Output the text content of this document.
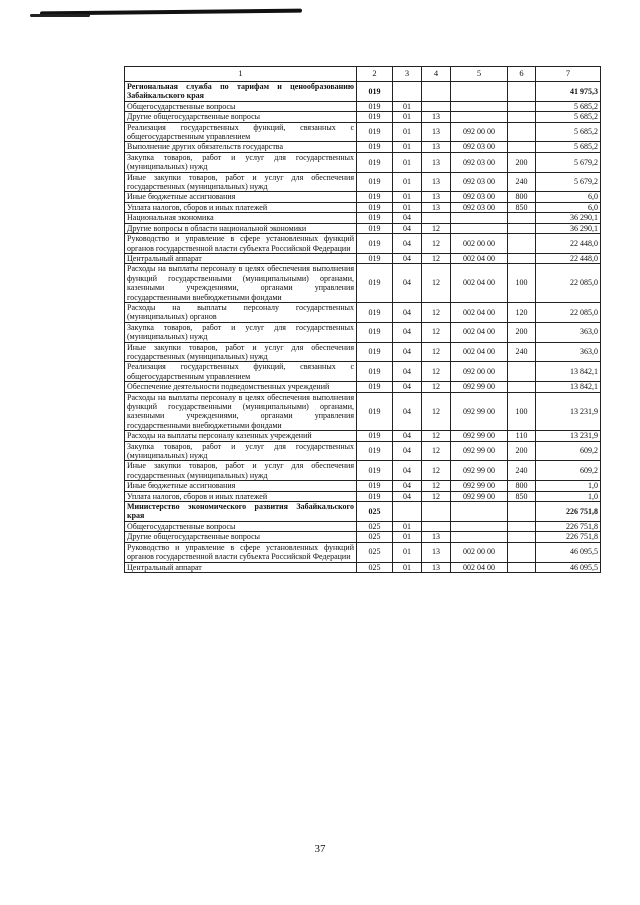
1	2	3	4	5	6	7
Региональная служба по тарифам и ценообразованию Забайкальского края	019					41 975,3
Общегосударственные вопросы	019	01				5 685,2
Другие общегосударственные вопросы	019	01	13			5 685,2
Реализация государственных функций, связанных с общегосударственным управлением	019	01	13	092 00 00		5 685,2
Выполнение других обязательств государства	019	01	13	092 03 00		5 685,2
Закупка товаров, работ и услуг для государственных (муниципальных) нужд	019	01	13	092 03 00	200	5 679,2
Иные закупки товаров, работ и услуг для обеспечения государственных (муниципальных) нужд	019	01	13	092 03 00	240	5 679,2
Иные бюджетные ассигнования	019	01	13	092 03 00	800	6,0
Уплата налогов, сборов и иных платежей	019	01	13	092 03 00	850	6,0
Национальная экономика	019	04				36 290,1
Другие вопросы в области национальной экономики	019	04	12			36 290,1
Руководство и управление в сфере установленных функций органов государственной власти субъекта Российской Федерации	019	04	12	002 00 00		22 448,0
Центральный аппарат	019	04	12	002 04 00		22 448,0
Расходы на выплаты персоналу в целях обеспечения выполнения функций государственными (муниципальными) органами, казенными учреждениями, органами управления государственными внебюджетными фондами	019	04	12	002 04 00	100	22 085,0
Расходы на выплаты персоналу государственных (муниципальных) органов	019	04	12	002 04 00	120	22 085,0
Закупка товаров, работ и услуг для государственных (муниципальных) нужд	019	04	12	002 04 00	200	363,0
Иные закупки товаров, работ и услуг для обеспечения государственных (муниципальных) нужд	019	04	12	002 04 00	240	363,0
Реализация государственных функций, связанных с общегосударственным управлением	019	04	12	092 00 00		13 842,1
Обеспечение деятельности подведомственных учреждений	019	04	12	092 99 00		13 842,1
Расходы на выплаты персоналу в целях обеспечения выполнения функций государственными (муниципальными) органами, казенными учреждениями, органами управления государственными внебюджетными фондами	019	04	12	092 99 00	100	13 231,9
Расходы на выплаты персоналу казенных учреждений	019	04	12	092 99 00	110	13 231,9
Закупка товаров, работ и услуг для государственных (муниципальных) нужд	019	04	12	092 99 00	200	609,2
Иные закупки товаров, работ и услуг для обеспечения государственных (муниципальных) нужд	019	04	12	092 99 00	240	609,2
Иные бюджетные ассигнования	019	04	12	092 99 00	800	1,0
Уплата налогов, сборов и иных платежей	019	04	12	092 99 00	850	1,0
Министерство экономического развития Забайкальского края	025					226 751,8
Общегосударственные вопросы	025	01				226 751,8
Другие общегосударственные вопросы	025	01	13			226 751,8
Руководство и управление в сфере установленных функций органов государственной власти субъекта Российской Федерации	025	01	13	002 00 00		46 095,5
Центральный аппарат	025	01	13	002 04 00		46 095,5
37
